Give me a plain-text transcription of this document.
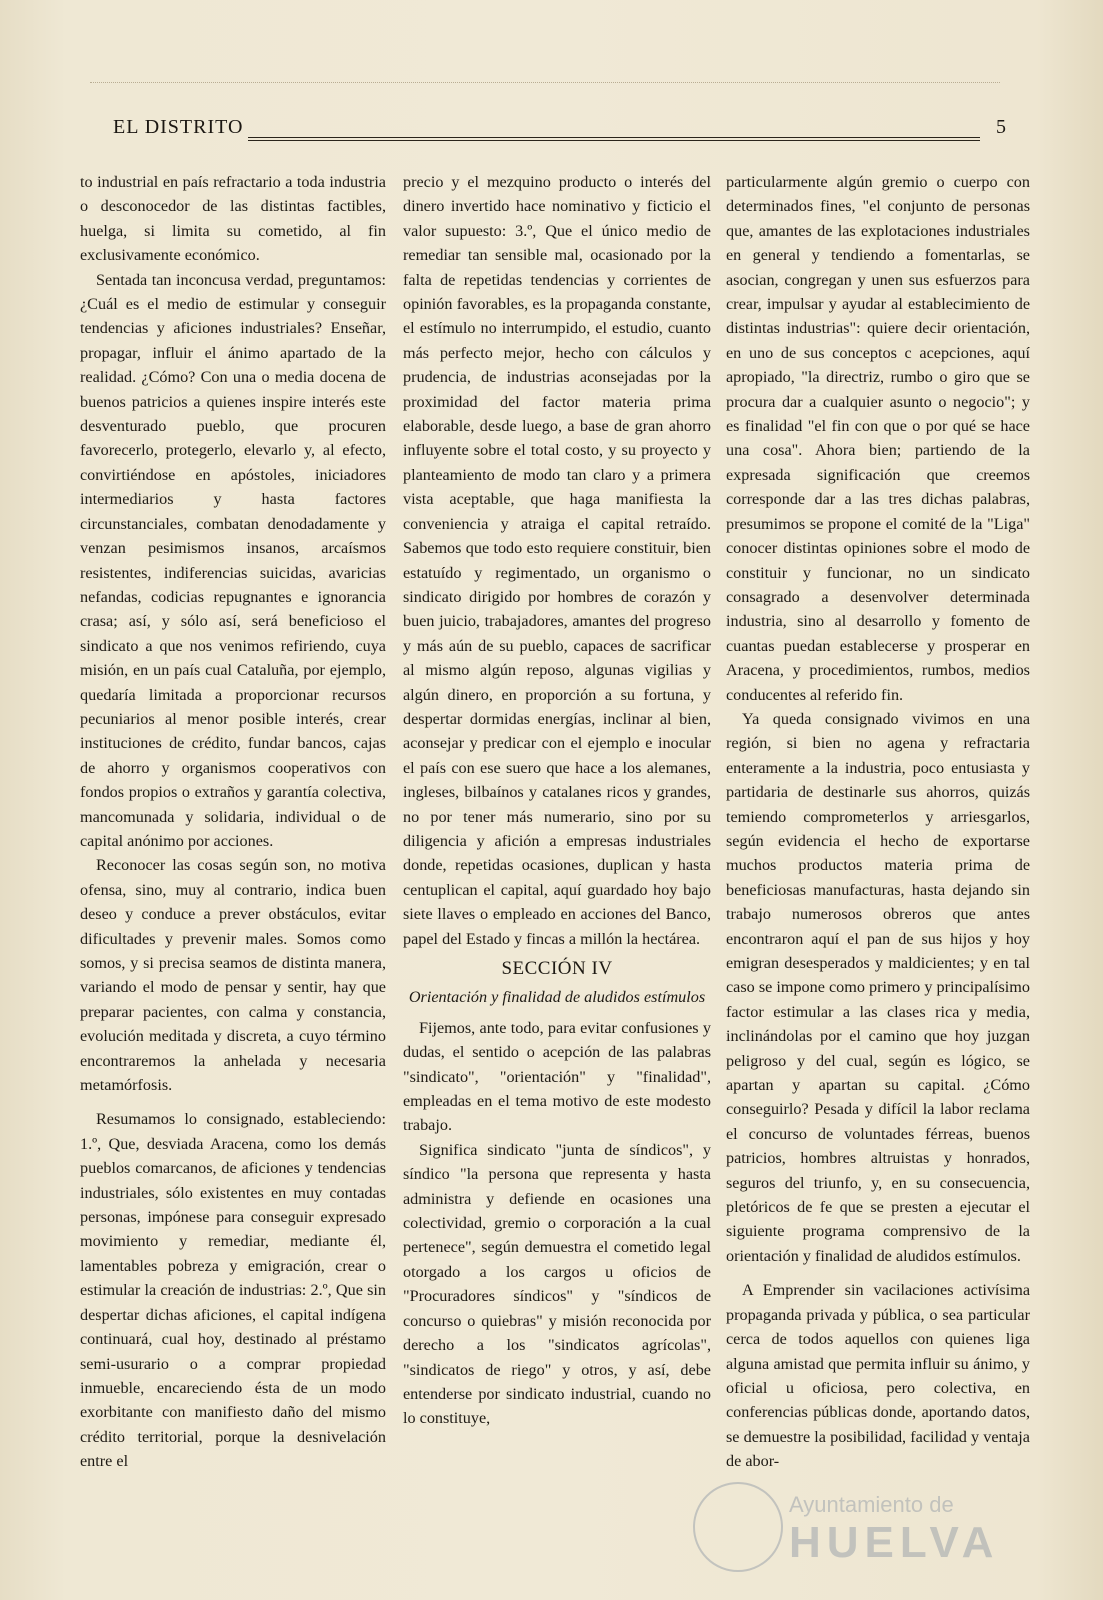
EL DISTRITO	5

to industrial en país refractario a toda industria o desconocedor de las distintas factibles, huelga, si limita su cometido, al fin exclusivamente económico.

Sentada tan inconcusa verdad, preguntamos: ¿Cuál es el medio de estimular y conseguir tendencias y aficiones industriales? Enseñar, propagar, influir el ánimo apartado de la realidad. ¿Cómo? Con una o media docena de buenos patricios a quienes inspire interés este desventurado pueblo, que procuren favorecerlo, protegerlo, elevarlo y, al efecto, convirtiéndose en apóstoles, iniciadores intermediarios y hasta factores circunstanciales, combatan denodadamente y venzan pesimismos insanos, arcaísmos resistentes, indiferencias suicidas, avaricias nefandas, codicias repugnantes e ignorancia crasa; así, y sólo así, será beneficioso el sindicato a que nos venimos refiriendo, cuya misión, en un país cual Cataluña, por ejemplo, quedaría limitada a proporcionar recursos pecuniarios al menor posible interés, crear instituciones de crédito, fundar bancos, cajas de ahorro y organismos cooperativos con fondos propios o extraños y garantía colectiva, mancomunada y solidaria, individual o de capital anónimo por acciones.

Reconocer las cosas según son, no motiva ofensa, sino, muy al contrario, indica buen deseo y conduce a prever obstáculos, evitar dificultades y prevenir males. Somos como somos, y si precisa seamos de distinta manera, variando el modo de pensar y sentir, hay que preparar pacientes, con calma y constancia, evolución meditada y discreta, a cuyo término encontraremos la anhelada y necesaria metamórfosis.

Resumamos lo consignado, estableciendo: 1.º, Que, desviada Aracena, como los demás pueblos comarcanos, de aficiones y tendencias industriales, sólo existentes en muy contadas personas, impónese para conseguir expresado movimiento y remediar, mediante él, lamentables pobreza y emigración, crear o estimular la creación de industrias: 2.º, Que sin despertar dichas aficiones, el capital indígena continuará, cual hoy, destinado al préstamo semi-usurario o a comprar propiedad inmueble, encareciendo ésta de un modo exorbitante con manifiesto daño del mismo crédito territorial, porque la desnivelación entre el

precio y el mezquino producto o interés del dinero invertido hace nominativo y ficticio el valor supuesto: 3.º, Que el único medio de remediar tan sensible mal, ocasionado por la falta de repetidas tendencias y corrientes de opinión favorables, es la propaganda constante, el estímulo no interrumpido, el estudio, cuanto más perfecto mejor, hecho con cálculos y prudencia, de industrias aconsejadas por la proximidad del factor materia prima elaborable, desde luego, a base de gran ahorro influyente sobre el total costo, y su proyecto y planteamiento de modo tan claro y a primera vista aceptable, que haga manifiesta la conveniencia y atraiga el capital retraído. Sabemos que todo esto requiere constituir, bien estatuído y regimentado, un organismo o sindicato dirigido por hombres de corazón y buen juicio, trabajadores, amantes del progreso y más aún de su pueblo, capaces de sacrificar al mismo algún reposo, algunas vigilias y algún dinero, en proporción a su fortuna, y despertar dormidas energías, inclinar al bien, aconsejar y predicar con el ejemplo e inocular el país con ese suero que hace a los alemanes, ingleses, bilbaínos y catalanes ricos y grandes, no por tener más numerario, sino por su diligencia y afición a empresas industriales donde, repetidas ocasiones, duplican y hasta centuplican el capital, aquí guardado hoy bajo siete llaves o empleado en acciones del Banco, papel del Estado y fincas a millón la hectárea.

SECCIÓN IV
Orientación y finalidad de aludidos estímulos

Fijemos, ante todo, para evitar confusiones y dudas, el sentido o acepción de las palabras "sindicato", "orientación" y "finalidad", empleadas en el tema motivo de este modesto trabajo.

Significa sindicato "junta de síndicos", y síndico "la persona que representa y hasta administra y defiende en ocasiones una colectividad, gremio o corporación a la cual pertenece", según demuestra el cometido legal otorgado a los cargos u oficios de "Procuradores síndicos" y "síndicos de concurso o quiebras" y misión reconocida por derecho a los "sindicatos agrícolas", "sindicatos de riego" y otros, y así, debe entenderse por sindicato industrial, cuando no lo constituye,

particularmente algún gremio o cuerpo con determinados fines, "el conjunto de personas que, amantes de las explotaciones industriales en general y tendiendo a fomentarlas, se asocian, congregan y unen sus esfuerzos para crear, impulsar y ayudar al establecimiento de distintas industrias": quiere decir orientación, en uno de sus conceptos c acepciones, aquí apropiado, "la directriz, rumbo o giro que se procura dar a cualquier asunto o negocio"; y es finalidad "el fin con que o por qué se hace una cosa". Ahora bien; partiendo de la expresada significación que creemos corresponde dar a las tres dichas palabras, presumimos se propone el comité de la "Liga" conocer distintas opiniones sobre el modo de constituir y funcionar, no un sindicato consagrado a desenvolver determinada industria, sino al desarrollo y fomento de cuantas puedan establecerse y prosperar en Aracena, y procedimientos, rumbos, medios conducentes al referido fin.

Ya queda consignado vivimos en una región, si bien no agena y refractaria enteramente a la industria, poco entusiasta y partidaria de destinarle sus ahorros, quizás temiendo comprometerlos y arriesgarlos, según evidencia el hecho de exportarse muchos productos materia prima de beneficiosas manufacturas, hasta dejando sin trabajo numerosos obreros que antes encontraron aquí el pan de sus hijos y hoy emigran desesperados y maldicientes; y en tal caso se impone como primero y principalísimo factor estimular a las clases rica y media, inclinándolas por el camino que hoy juzgan peligroso y del cual, según es lógico, se apartan y apartan su capital. ¿Cómo conseguirlo? Pesada y difícil la labor reclama el concurso de voluntades férreas, buenos patricios, hombres altruistas y honrados, seguros del triunfo, y, en su consecuencia, pletóricos de fe que se presten a ejecutar el siguiente programa comprensivo de la orientación y finalidad de aludidos estímulos.

A Emprender sin vacilaciones activísima propaganda privada y pública, o sea particular cerca de todos aquellos con quienes liga alguna amistad que permita influir su ánimo, y oficial u oficiosa, pero colectiva, en conferencias públicas donde, aportando datos, se demuestre la posibilidad, facilidad y ventaja de abor-

Ayuntamiento de
HUELVA
